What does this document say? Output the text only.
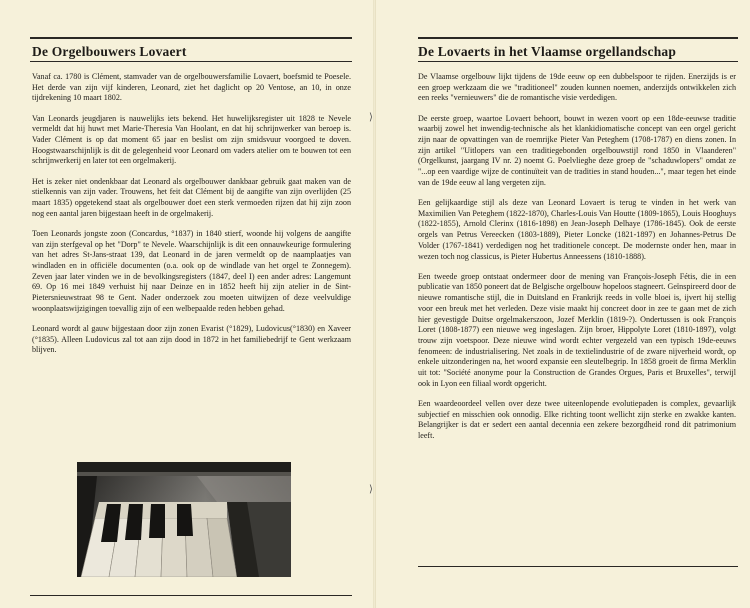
De Orgelbouwers Lovaert

Vanaf ca. 1780 is Clément, stamvader van de orgelbouwersfamilie Lovaert, boefsmid te Poesele. Het derde van zijn vijf kinderen, Leonard, ziet het daglicht op 20 Ventose, an 10, in onze tijdrekening 10 maart 1802.

Van Leonards jeugdjaren is nauwelijks iets bekend. Het huwelijksregister uit 1828 te Nevele vermeldt dat hij huwt met Marie-Theresia Van Hoolant, en dat hij schrijnwerker van beroep is. Vader Clément is op dat moment 65 jaar en beslist om zijn smidsvuur voorgoed te doven. Hoogstwaarschijnlijk is dit de gelegenheid voor Leonard om vaders atelier om te bouwen tot een schrijnwerkerij en later tot een orgelmakerij.

Het is zeker niet ondenkbaar dat Leonard als orgelbouwer dankbaar gebruik gaat maken van de stielkennis van zijn vader. Trouwens, het feit dat Clément bij de aangifte van zijn overlijden (25 maart 1835) opgetekend staat als orgelbouwer doet een sterk vermoeden rijzen dat hij zijn zoon nog een aantal jaren bijgestaan heeft in de orgelmakerij.

Toen Leonards jongste zoon (Concardus, °1837) in 1840 stierf, woonde hij volgens de aangifte van zijn sterfgeval op het "Dorp" te Nevele. Waarschijnlijk is dit een onnauwkeurige formulering van het adres St-Jans-straat 139, dat Leonard in de jaren vermeldt op de naamplaatjes van windladen en in officiële documenten (o.a. ook op de windlade van het orgel te Zonnegem). Zeven jaar later vinden we in de bevolkingsregisters (1847, deel I) een ander adres: Langemunt 69. Op 16 mei 1849 verhuist hij naar Deinze en in 1852 heeft hij zijn atelier in de Sint-Pietersnieuwstraat 98 te Gent. Nader onderzoek zou moeten uitwijzen of deze veelvuldige woonplaatswijzigingen toevallig zijn of een welbepaalde reden hebben gehad.

Leonard wordt al gauw bijgestaan door zijn zonen Evarist (°1829), Ludovicus(°1830) en Xaveer (°1835). Alleen Ludovicus zal tot aan zijn dood in 1872 in het familiebedrijf te Gent werkzaam blijven.

⟩
⟩
De Lovaerts in het Vlaamse orgellandschap

De Vlaamse orgelbouw lijkt tijdens de 19de eeuw op een dubbelspoor te rijden. Enerzijds is er een groep werkzaam die we "traditioneel" zouden kunnen noemen, anderzijds ontwikkelen zich een reeks "vernieuwers" die de romantische visie verdedigen.

De eerste groep, waartoe Lovaert behoort, bouwt in wezen voort op een 18de-eeuwse traditie waarbij zowel het inwendig-technische als het klankidiomatische concept van een orgel gericht zijn naar de opvattingen van de roemrijke Pieter Van Peteghem (1708-1787) en diens zonen. In zijn artikel "Uitlopers van een traditiegebonden orgelbouwstijl rond 1850 in Vlaanderen" (Orgelkunst, jaargang IV nr. 2) noemt G. Poelvlieghe deze groep de "schaduwlopers" omdat ze "...op een vaardige wijze de continuïteit van de tradities in stand houden...", maar tegen het einde van de 19de eeuw al lang vergeten zijn.

Een gelijkaardige stijl als deze van Leonard Lovaert is terug te vinden in het werk van Maximilien Van Peteghem (1822-1870), Charles-Louis Van Houtte (1809-1865), Louis Hooghuys (1822-1855), Arnold Clerinx (1816-1898) en Jean-Joseph Delhaye (1786-1845). Ook de eerste orgels van Petrus Vereecken (1803-1889), Pieter Loncke (1821-1897) en Johannes-Petrus De Volder (1767-1841) verdedigen nog het traditionele concept. De modernste onder hen, maar in wezen toch nog classicus, is Pieter Hubertus Anneessens (1810-1888).

Een tweede groep ontstaat ondermeer door de mening van François-Joseph Fétis, die in een publicatie van 1850 poneert dat de Belgische orgelbouw hopeloos stagneert. Geïnspireerd door de nieuwe romantische stijl, die in Duitsland en Frankrijk reeds in volle bloei is, ijvert hij stellig voor een breuk met het verleden. Deze visie maakt hij concreet door in zee te gaan met de zich hier gevestigde Duitse orgelmakerszoon, Jozef Merklin (1819-?). Ondertussen is ook François Loret (1808-1877) een nieuwe weg ingeslagen. Zijn broer, Hippolyte Loret (1810-1897), volgt trouw zijn voetspoor. Deze nieuwe wind wordt echter vergezeld van een typisch 19de-eeuws fenomeen: de industrialisering. Net zoals in de textielindustrie of de zware nijverheid wordt, op enkele uitzonderingen na, het woord expansie een sleutelbegrip. In 1858 groeit de firma Merklin uit tot: "Société anonyme pour la Construction de Grandes Orgues, Paris et Bruxelles", terwijl ook in Lyon een filiaal wordt opgericht.

Een waardeoordeel vellen over deze twee uiteenlopende evolutiepaden is complex, gevaarlijk subjectief en misschien ook onnodig. Elke richting toont wellicht zijn sterke en zwakke kanten. Belangrijker is dat er sedert een aantal decennia een zekere bezorgdheid rond dit patrimonium leeft.
